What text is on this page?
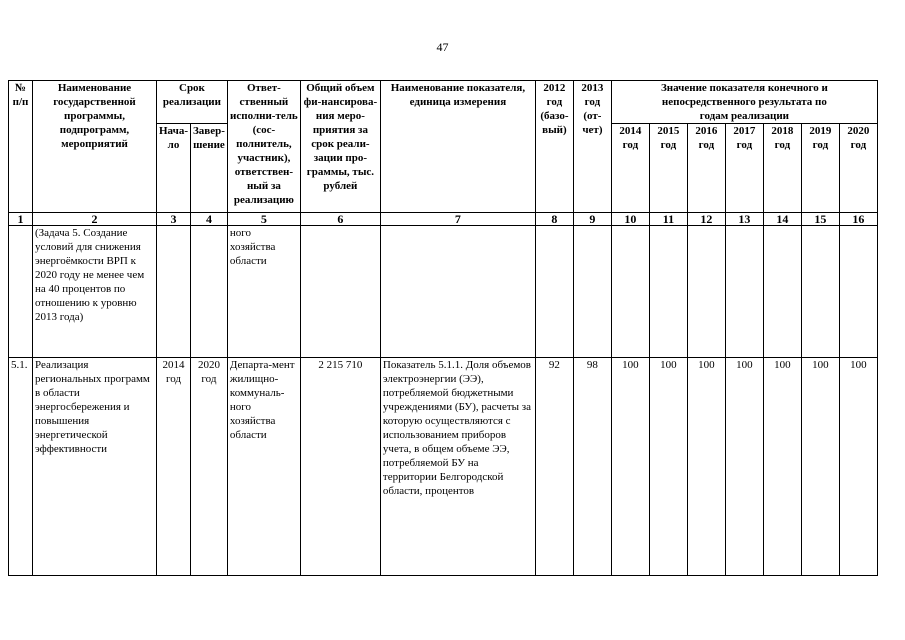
47
№ п/п	Наименование государственной программы, подпрограмм, мероприятий	Срок реализации		Ответ-ственный исполни-тель (сос-полнитель, участник), ответствен-ный за реализацию	Общий объем фи-нансирова-ния меро-приятия за срок реали-зации про-граммы, тыс. рублей	Наименование показателя, единица измерения	2012 год (базо-вый)	2013 год (от-чет)	Значение показателя конечного и непосредственного результата по годам реализации						
		Нача-ло	Завер-шение						2014 год	2015 год	2016 год	2017 год	2018 год	2019 год	2020 год
1	2	3	4	5	6	7	8	9	10	11	12	13	14	15	16
	(Задача 5. Создание условий для снижения энергоёмкости ВРП к 2020 году не менее чем на 40 процентов по отношению к уровню 2013 года)			ного хозяйства области											
5.1.	Реализация региональных программ в области энергосбережения и повышения энергетической эффективности	2014 год	2020 год	Департа-мент жилищно-коммуналь-ного хозяйства области	2 215 710	Показатель 5.1.1. Доля объемов электроэнергии (ЭЭ), потребляемой бюджетными учреждениями (БУ), расчеты за которую осуществляются с использованием приборов учета, в общем объеме ЭЭ, потребляемой БУ на территории Белгородской области, процентов	92	98	100	100	100	100	100	100	100
